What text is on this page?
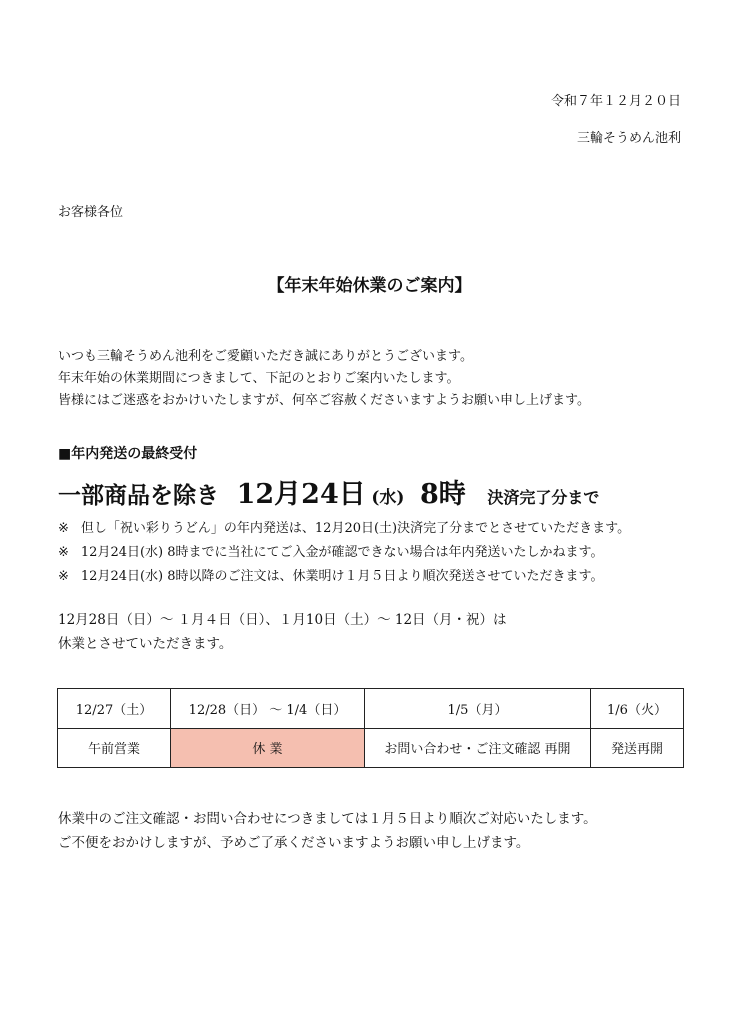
令和７年１２月２０日
三輪そうめん池利
お客様各位
【年末年始休業のご案内】
いつも三輪そうめん池利をご愛顧いただき誠にありがとうございます。
年末年始の休業期間につきまして、下記のとおりご案内いたします。
皆様にはご迷惑をおかけいたしますが、何卒ご容赦くださいますようお願い申し上げます。
■年内発送の最終受付
一部商品を除き 12月24日 (水) 8時 決済完了分まで
※ 但し「祝い彩りうどん」の年内発送は、12月20日(土)決済完了分までとさせていただきます。
※ 12月24日(水) 8時までに当社にてご入金が確認できない場合は年内発送いたしかねます。
※ 12月24日(水) 8時以降のご注文は、休業明け１月５日より順次発送させていただきます。
12月28日（日）～ １月４日（日）、１月10日（土）～ 12日（月・祝）は
休業とさせていただきます。
12/27（土）	12/28（日） ～ 1/4（日）	1/5（月）	1/6（火）
午前営業	休 業	お問い合わせ・ご注文確認 再開	発送再開
休業中のご注文確認・お問い合わせにつきましては１月５日より順次ご対応いたします。
ご不便をおかけしますが、予めご了承くださいますようお願い申し上げます。
